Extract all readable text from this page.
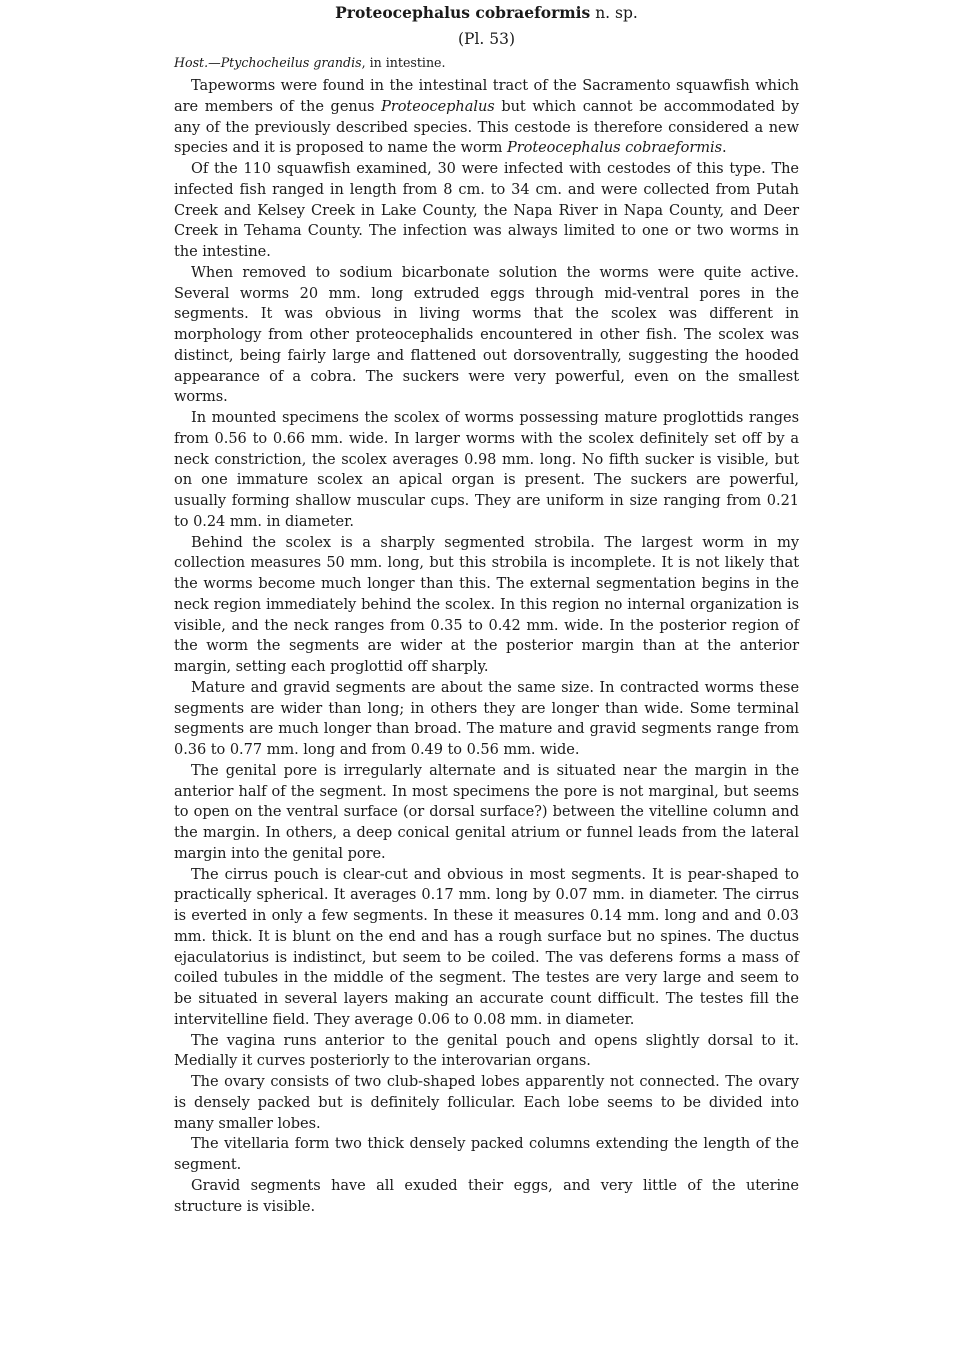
Proteocephalus cobraeformis n. sp.

(Pl. 53)

Host.—Ptychocheilus grandis, in intestine.

Tapeworms were found in the intestinal tract of the Sacramento squawfish which are members of the genus Proteocephalus but which cannot be accommodated by any of the previously described species. This cestode is therefore considered a new species and it is proposed to name the worm Proteocephalus cobraeformis.

Of the 110 squawfish examined, 30 were infected with cestodes of this type. The infected fish ranged in length from 8 cm. to 34 cm. and were collected from Putah Creek and Kelsey Creek in Lake County, the Napa River in Napa County, and Deer Creek in Tehama County. The infection was always limited to one or two worms in the intestine.

When removed to sodium bicarbonate solution the worms were quite active. Several worms 20 mm. long extruded eggs through mid-ventral pores in the segments. It was obvious in living worms that the scolex was different in morphology from other proteocephalids encountered in other fish. The scolex was distinct, being fairly large and flattened out dorsoventrally, suggesting the hooded appearance of a cobra. The suckers were very powerful, even on the smallest worms.

In mounted specimens the scolex of worms possessing mature proglottids ranges from 0.56 to 0.66 mm. wide. In larger worms with the scolex definitely set off by a neck constriction, the scolex averages 0.98 mm. long. No fifth sucker is visible, but on one immature scolex an apical organ is present. The suckers are powerful, usually forming shallow muscular cups. They are uniform in size ranging from 0.21 to 0.24 mm. in diameter.

Behind the scolex is a sharply segmented strobila. The largest worm in my collection measures 50 mm. long, but this strobila is incomplete. It is not likely that the worms become much longer than this. The external segmentation begins in the neck region immediately behind the scolex. In this region no internal organization is visible, and the neck ranges from 0.35 to 0.42 mm. wide. In the posterior region of the worm the segments are wider at the posterior margin than at the anterior margin, setting each proglottid off sharply.

Mature and gravid segments are about the same size. In contracted worms these segments are wider than long; in others they are longer than wide. Some terminal segments are much longer than broad. The mature and gravid segments range from 0.36 to 0.77 mm. long and from 0.49 to 0.56 mm. wide.

The genital pore is irregularly alternate and is situated near the margin in the anterior half of the segment. In most specimens the pore is not marginal, but seems to open on the ventral surface (or dorsal surface?) between the vitelline column and the margin. In others, a deep conical genital atrium or funnel leads from the lateral margin into the genital pore.

The cirrus pouch is clear-cut and obvious in most segments. It is pear-shaped to practically spherical. It averages 0.17 mm. long by 0.07 mm. in diameter. The cirrus is everted in only a few segments. In these it measures 0.14 mm. long and and 0.03 mm. thick. It is blunt on the end and has a rough surface but no spines. The ductus ejaculatorius is indistinct, but seem to be coiled. The vas deferens forms a mass of coiled tubules in the middle of the segment. The testes are very large and seem to be situated in several layers making an accurate count difficult. The testes fill the intervitelline field. They average 0.06 to 0.08 mm. in diameter.

The vagina runs anterior to the genital pouch and opens slightly dorsal to it. Medially it curves posteriorly to the interovarian organs.

The ovary consists of two club-shaped lobes apparently not connected. The ovary is densely packed but is definitely follicular. Each lobe seems to be divided into many smaller lobes.

The vitellaria form two thick densely packed columns extending the length of the segment.

Gravid segments have all exuded their eggs, and very little of the uterine structure is visible.
